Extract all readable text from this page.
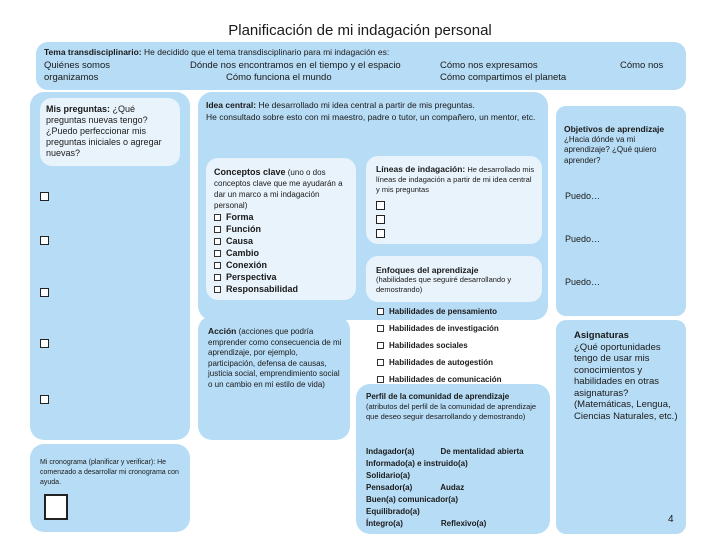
Planificación de mi indagación personal
Tema transdisciplinario: He decidido que el tema transdisciplinario para mi indagación es:
Quiénes somos	Dónde nos encontramos en el tiempo y el espacio	Cómo nos expresamos	Cómo nos
organizamos	Cómo funciona el mundo	Cómo compartimos el planeta
Mis preguntas: ¿Qué preguntas nuevas tengo? ¿Puedo perfeccionar mis preguntas iniciales o agregar nuevas?
Mi cronograma (planificar y verificar): He comenzado a desarrollar mi cronograma con ayuda.
Idea central: He desarrollado mi idea central a partir de mis preguntas.
He consultado sobre esto con mi maestro, padre o tutor, un compañero, un mentor, etc.
Conceptos clave (uno o dos conceptos clave que me ayudarán a dar un marco a mi indagación personal)
Forma
Función
Causa
Cambio
Conexión
Perspectiva
Responsabilidad
Líneas de indagación: He desarrollado mis líneas de indagación a partir de mi idea central y mis preguntas
Enfoques del aprendizaje
(habilidades que seguiré desarrollando y demostrando)
Habilidades de pensamiento
Habilidades de investigación
Habilidades sociales
Habilidades de autogestión
Habilidades de comunicación
Acción (acciones que podría emprender como consecuencia de mi aprendizaje, por ejemplo, participación, defensa de causas, justicia social, emprendimiento social o un cambio en mi estilo de vida)
Perfil de la comunidad de aprendizaje (atributos del perfil de la comunidad de aprendizaje que deseo seguir desarrollando y demostrando)
Indagador(a)	De mentalidad abierta
Informado(a) e instruido(a)
Solidario(a)
Pensador(a)	Audaz
Buen(a) comunicador(a)
Equilibrado(a)
Íntegro(a)	Reflexivo(a)
Objetivos de aprendizaje
¿Hacia dónde va mi aprendizaje? ¿Qué quiero aprender?
Puedo…
Puedo…
Puedo…
Asignaturas
¿Qué oportunidades tengo de usar mis conocimientos y habilidades en otras asignaturas? (Matemáticas, Lengua, Ciencias Naturales, etc.)
4
